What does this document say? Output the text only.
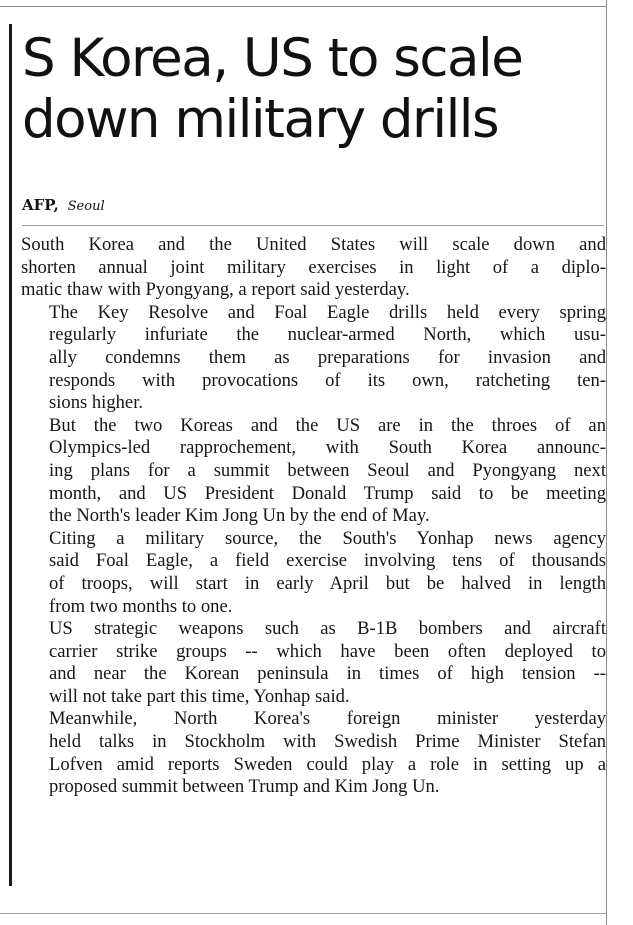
S Korea, US to scale
down military drills
AFP, Seoul

South Korea and the United States will scale down and
shorten annual joint military exercises in light of a diplo-
matic thaw with Pyongyang, a report said yesterday.

The Key Resolve and Foal Eagle drills held every spring
regularly infuriate the nuclear-armed North, which usu-
ally condemns them as preparations for invasion and
responds with provocations of its own, ratcheting ten-
sions higher.

But the two Koreas and the US are in the throes of an
Olympics-led rapprochement, with South Korea announc-
ing plans for a summit between Seoul and Pyongyang next
month, and US President Donald Trump said to be meeting
the North's leader Kim Jong Un by the end of May.

Citing a military source, the South's Yonhap news agency
said Foal Eagle, a field exercise involving tens of thousands
of troops, will start in early April but be halved in length
from two months to one.

US strategic weapons such as B-1B bombers and aircraft
carrier strike groups -- which have been often deployed to
and near the Korean peninsula in times of high tension --
will not take part this time, Yonhap said.

Meanwhile, North Korea's foreign minister yesterday
held talks in Stockholm with Swedish Prime Minister Stefan
Lofven amid reports Sweden could play a role in setting up a
proposed summit between Trump and Kim Jong Un.
